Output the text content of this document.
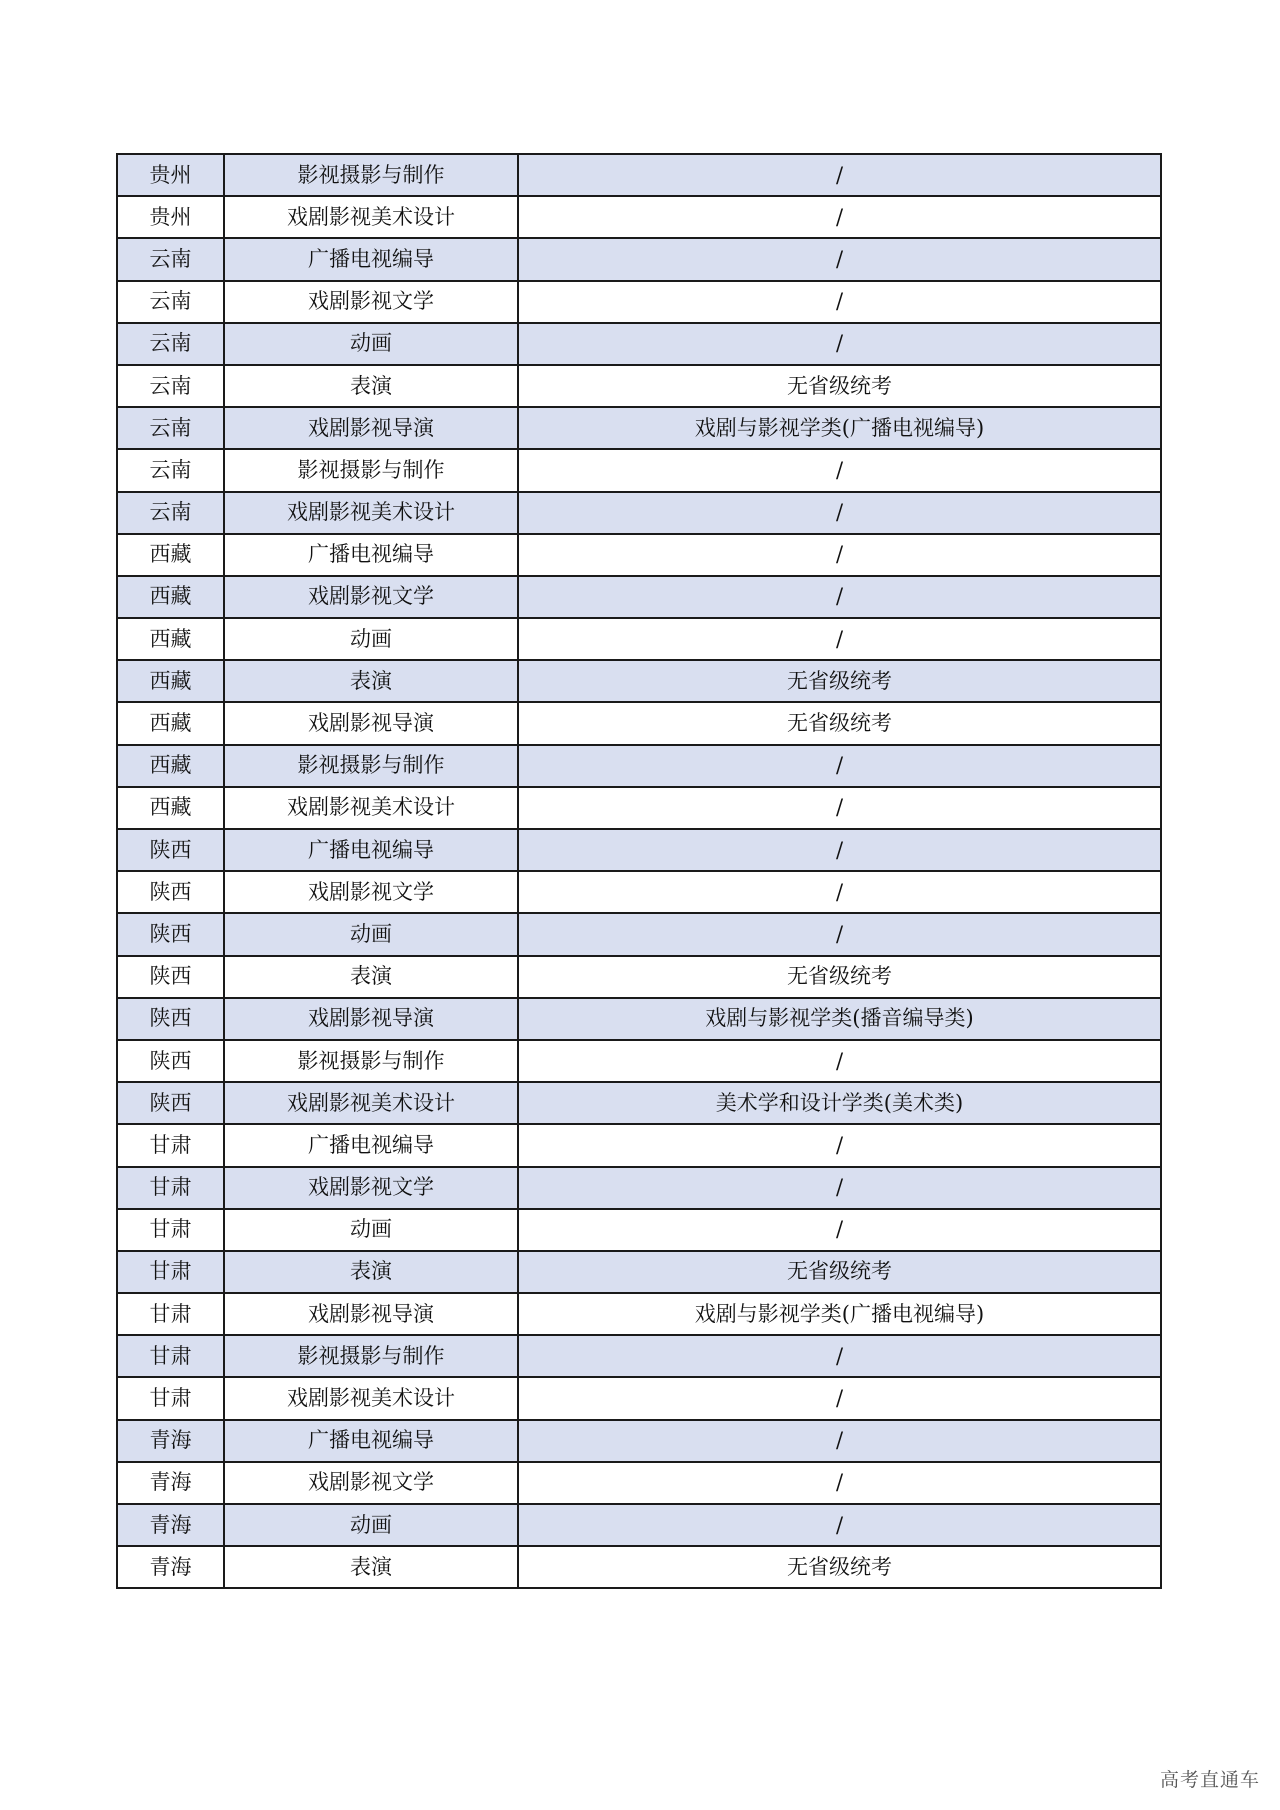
贵州	影视摄影与制作	/
贵州	戏剧影视美术设计	/
云南	广播电视编导	/
云南	戏剧影视文学	/
云南	动画	/
云南	表演	无省级统考
云南	戏剧影视导演	戏剧与影视学类(广播电视编导)
云南	影视摄影与制作	/
云南	戏剧影视美术设计	/
西藏	广播电视编导	/
西藏	戏剧影视文学	/
西藏	动画	/
西藏	表演	无省级统考
西藏	戏剧影视导演	无省级统考
西藏	影视摄影与制作	/
西藏	戏剧影视美术设计	/
陕西	广播电视编导	/
陕西	戏剧影视文学	/
陕西	动画	/
陕西	表演	无省级统考
陕西	戏剧影视导演	戏剧与影视学类(播音编导类)
陕西	影视摄影与制作	/
陕西	戏剧影视美术设计	美术学和设计学类(美术类)
甘肃	广播电视编导	/
甘肃	戏剧影视文学	/
甘肃	动画	/
甘肃	表演	无省级统考
甘肃	戏剧影视导演	戏剧与影视学类(广播电视编导)
甘肃	影视摄影与制作	/
甘肃	戏剧影视美术设计	/
青海	广播电视编导	/
青海	戏剧影视文学	/
青海	动画	/
青海	表演	无省级统考
高考直通车
